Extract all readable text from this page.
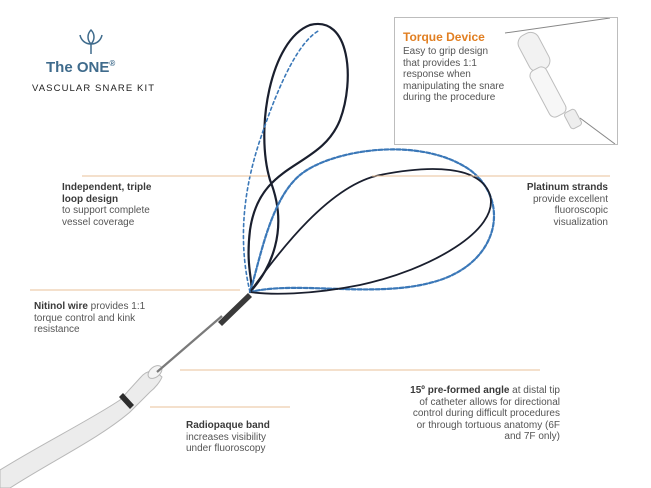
The ONE®
VASCULAR SNARE KIT
Torque Device
Easy to grip design
that provides 1:1
response when
manipulating the snare
during the procedure
Independent, triple
loop design
to support complete
vessel coverage
Platinum strands
provide excellent
fluoroscopic
visualization
Nitinol wire provides 1:1
torque control and kink
resistance
15º pre-formed angle at distal tip
of catheter allows for directional
control during difficult procedures
or through tortuous anatomy (6F
and 7F only)
Radiopaque band
increases visibility
under fluoroscopy
